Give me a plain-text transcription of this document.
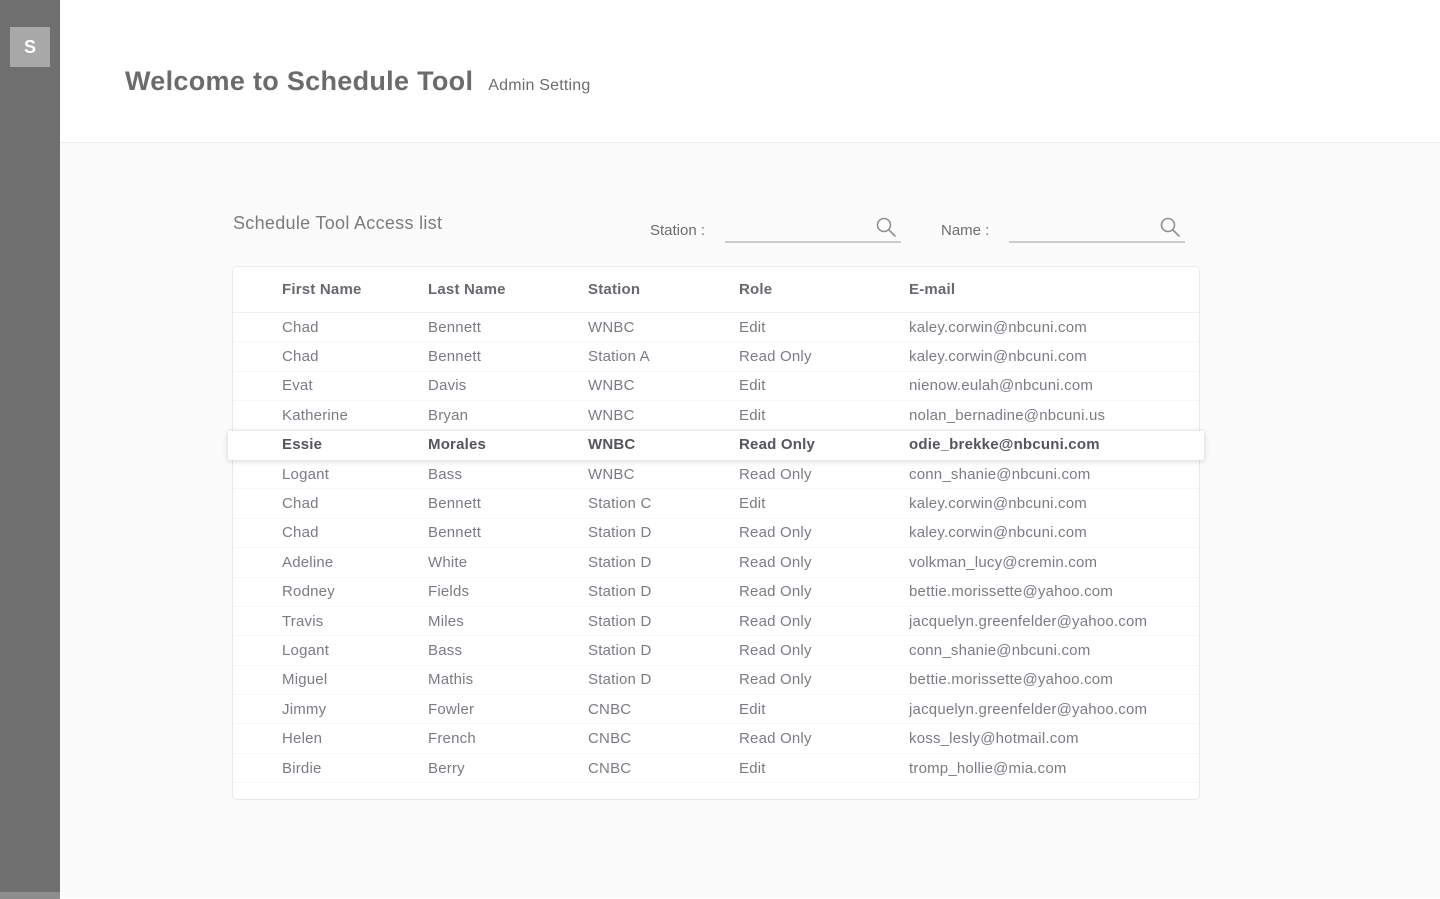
S
Welcome to Schedule Tool Admin Setting
Schedule Tool Access list	Station :	Name :
First Name	Last Name	Station	Role	E-mail
Chad	Bennett	WNBC	Edit	kaley.corwin@nbcuni.com
Chad	Bennett	Station A	Read Only	kaley.corwin@nbcuni.com
Evat	Davis	WNBC	Edit	nienow.eulah@nbcuni.com
Katherine	Bryan	WNBC	Edit	nolan_bernadine@nbcuni.us
Essie	Morales	WNBC	Read Only	odie_brekke@nbcuni.com
Logant	Bass	WNBC	Read Only	conn_shanie@nbcuni.com
Chad	Bennett	Station C	Edit	kaley.corwin@nbcuni.com
Chad	Bennett	Station D	Read Only	kaley.corwin@nbcuni.com
Adeline	White	Station D	Read Only	volkman_lucy@cremin.com
Rodney	Fields	Station D	Read Only	bettie.morissette@yahoo.com
Travis	Miles	Station D	Read Only	jacquelyn.greenfelder@yahoo.com
Logant	Bass	Station D	Read Only	conn_shanie@nbcuni.com
Miguel	Mathis	Station D	Read Only	bettie.morissette@yahoo.com
Jimmy	Fowler	CNBC	Edit	jacquelyn.greenfelder@yahoo.com
Helen	French	CNBC	Read Only	koss_lesly@hotmail.com
Birdie	Berry	CNBC	Edit	tromp_hollie@mia.com
